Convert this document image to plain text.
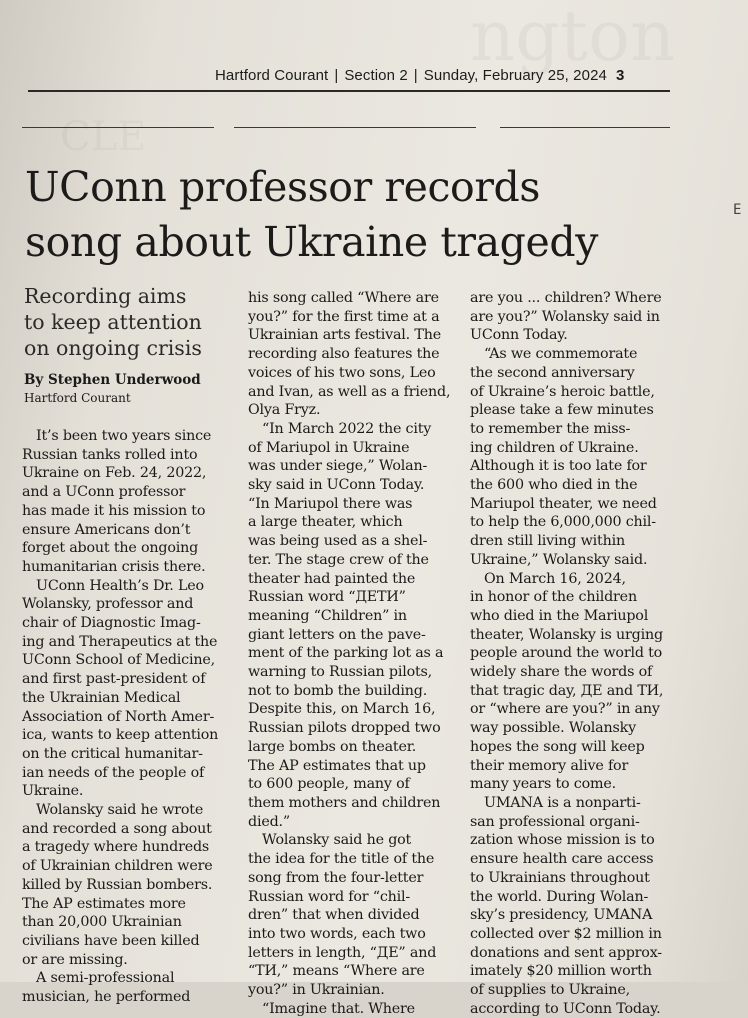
Hartford Courant | Section 2 | Sunday, February 25, 2024 3
UConn professor records
song about Ukraine tragedy
Recording aims
to keep attention
on ongoing crisis
By Stephen Underwood
Hartford Courant
It’s been two years since
Russian tanks rolled into
Ukraine on Feb. 24, 2022,
and a UConn professor
has made it his mission to
ensure Americans don’t
forget about the ongoing
humanitarian crisis there.
UConn Health’s Dr. Leo
Wolansky, professor and
chair of Diagnostic Imag-
ing and Therapeutics at the
UConn School of Medicine,
and first past-president of
the Ukrainian Medical
Association of North Amer-
ica, wants to keep attention
on the critical humanitar-
ian needs of the people of
Ukraine.
Wolansky said he wrote
and recorded a song about
a tragedy where hundreds
of Ukrainian children were
killed by Russian bombers.
The AP estimates more
than 20,000 Ukrainian
civilians have been killed
or are missing.
A semi-professional
musician, he performed
his song called “Where are
you?” for the first time at a
Ukrainian arts festival. The
recording also features the
voices of his two sons, Leo
and Ivan, as well as a friend,
Olya Fryz.
“In March 2022 the city
of Mariupol in Ukraine
was under siege,” Wolan-
sky said in UConn Today.
“In Mariupol there was
a large theater, which
was being used as a shel-
ter. The stage crew of the
theater had painted the
Russian word “ДЕТИ”
meaning “Children” in
giant letters on the pave-
ment of the parking lot as a
warning to Russian pilots,
not to bomb the building.
Despite this, on March 16,
Russian pilots dropped two
large bombs on theater.
The AP estimates that up
to 600 people, many of
them mothers and children
died.”
Wolansky said he got
the idea for the title of the
song from the four-letter
Russian word for “chil-
dren” that when divided
into two words, each two
letters in length, “ДЕ” and
“ТИ,” means “Where are
you?” in Ukrainian.
“Imagine that. Where
are you ... children? Where
are you?” Wolansky said in
UConn Today.
“As we commemorate
the second anniversary
of Ukraine’s heroic battle,
please take a few minutes
to remember the miss-
ing children of Ukraine.
Although it is too late for
the 600 who died in the
Mariupol theater, we need
to help the 6,000,000 chil-
dren still living within
Ukraine,” Wolansky said.
On March 16, 2024,
in honor of the children
who died in the Mariupol
theater, Wolansky is urging
people around the world to
widely share the words of
that tragic day, ДЕ and ТИ,
or “where are you?” in any
way possible. Wolansky
hopes the song will keep
their memory alive for
many years to come.
UMANA is a nonparti-
san professional organi-
zation whose mission is to
ensure health care access
to Ukrainians throughout
the world. During Wolan-
sky’s presidency, UMANA
collected over $2 million in
donations and sent approx-
imately $20 million worth
of supplies to Ukraine,
according to UConn Today.
E
